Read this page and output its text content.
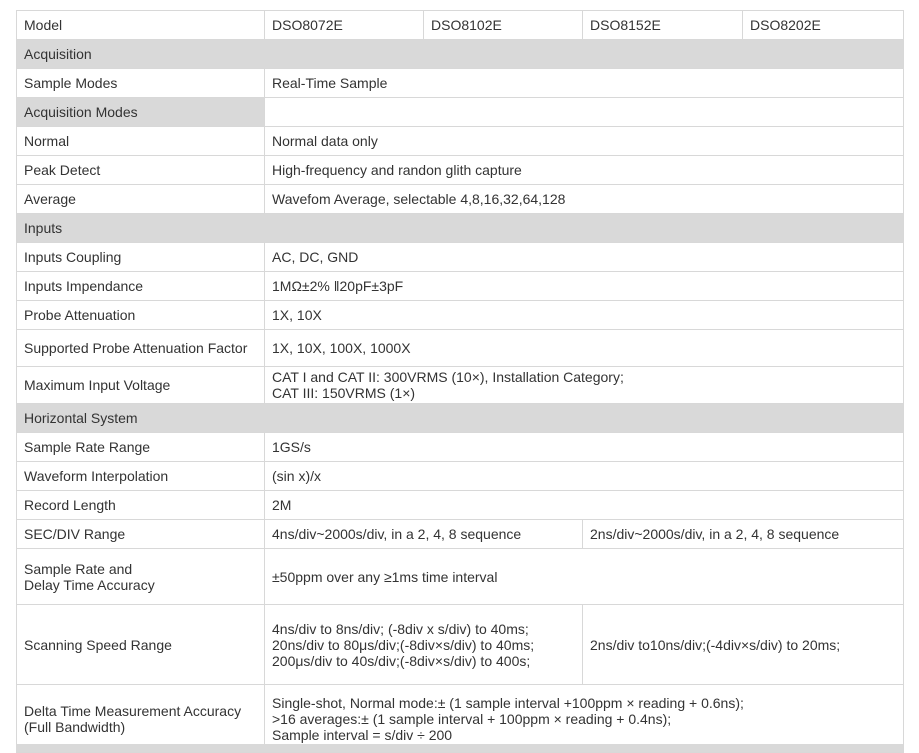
Model	DSO8072E	DSO8102E	DSO8152E	DSO8202E
Acquisition				
Sample Modes	Real-Time Sample			
Acquisition Modes				
Normal	Normal data only			
Peak Detect	High-frequency and randon glith capture			
Average	Wavefom Average, selectable 4,8,16,32,64,128			
Inputs				
Inputs Coupling	AC, DC, GND			
Inputs Impendance	1MΩ±2% ǁ20pF±3pF			
Probe Attenuation	1X, 10X			
Supported Probe Attenuation Factor	1X, 10X, 100X, 1000X			
Maximum Input Voltage	CAT I and CAT II: 300VRMS (10×), Installation Category;
CAT III: 150VRMS (1×)			

Horizontal System				
Sample Rate Range	1GS/s			
Waveform Interpolation	(sin x)/x			
Record Length	2M			
SEC/DIV Range	4ns/div~2000s/div, in a 2, 4, 8 sequence		2ns/div~2000s/div, in a 2, 4, 8 sequence	

Sample Rate and
Delay Time Accuracy	±50ppm over any ≥1ms time interval			
Scanning Speed Range	4ns/div to 8ns/div; (-8div x s/div) to 40ms;
20ns/div to 80μs/div;(-8div×s/div) to 40ms;
200μs/div to 40s/div;(-8div×s/div) to 400s;		2ns/div to10ns/div;(-4div×s/div) to 20ms;	

Delta Time Measurement Accuracy
(Full Bandwidth)	Single-shot, Normal mode:± (1 sample interval +100ppm × reading + 0.6ns);
>16 averages:± (1 sample interval + 100ppm × reading + 0.4ns);
Sample interval = s/div ÷ 200			
